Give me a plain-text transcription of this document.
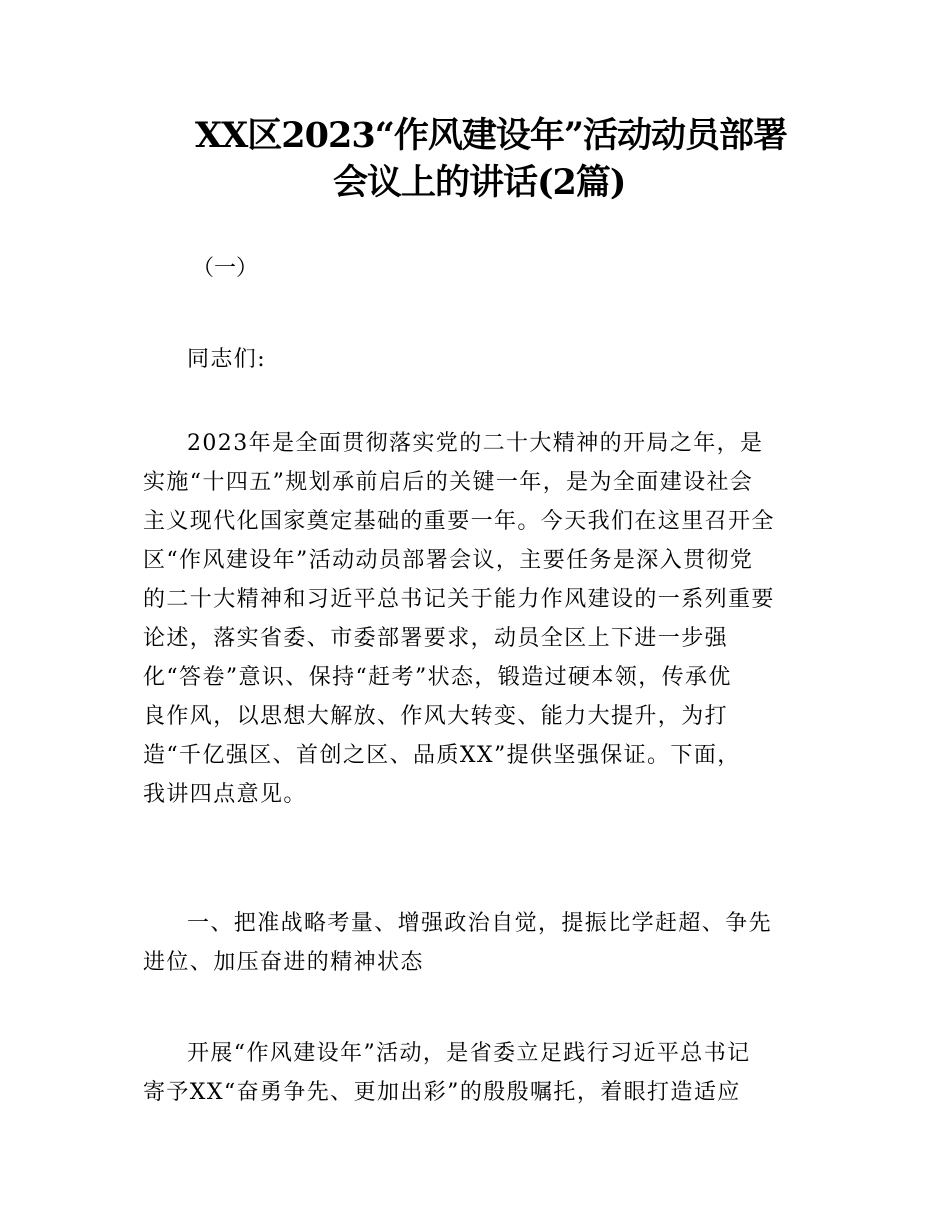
XX区2023“作风建设年”活动动员部署
会议上的讲话(2篇)

（一）

同志们:

2023年是全面贯彻落实党的二十大精神的开局之年，是
实施“十四五”规划承前启后的关键一年，是为全面建设社会
主义现代化国家奠定基础的重要一年。今天我们在这里召开全
区“作风建设年”活动动员部署会议，主要任务是深入贯彻党
的二十大精神和习近平总书记关于能力作风建设的一系列重要
论述，落实省委、市委部署要求，动员全区上下进一步强
化“答卷”意识、保持“赶考”状态，锻造过硬本领，传承优
良作风，以思想大解放、作风大转变、能力大提升，为打
造“千亿强区、首创之区、品质XX”提供坚强保证。下面，
我讲四点意见。
一、把准战略考量、增强政治自觉，提振比学赶超、争先
进位、加压奋进的精神状态
开展“作风建设年”活动，是省委立足践行习近平总书记
寄予XX“奋勇争先、更加出彩”的殷殷嘱托，着眼打造适应
